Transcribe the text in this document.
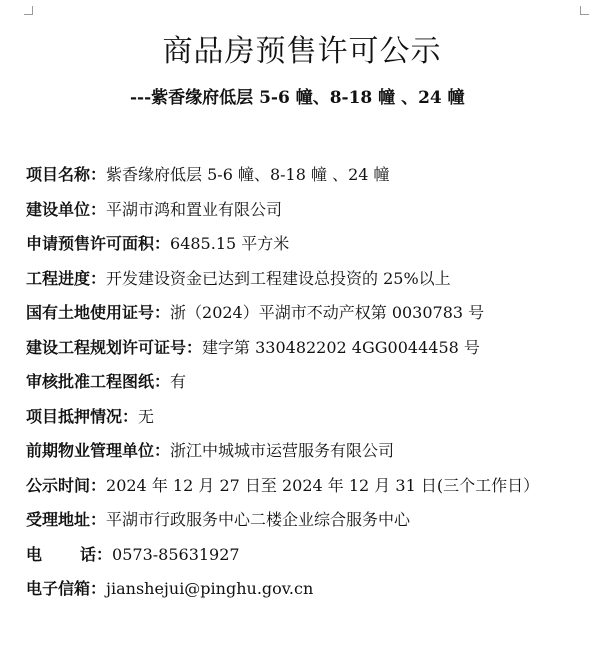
商品房预售许可公示
---紫香缘府低层 5-6 幢、8-18 幢 、24 幢
项目名称：紫香缘府低层 5-6 幢、8-18 幢 、24 幢
建设单位：平湖市鸿和置业有限公司
申请预售许可面积：6485.15 平方米
工程进度：开发建设资金已达到工程建设总投资的 25%以上
国有土地使用证号：浙（2024）平湖市不动产权第 0030783 号
建设工程规划许可证号：建字第 330482202 4GG0044458 号
审核批准工程图纸：有
项目抵押情况：无
前期物业管理单位：浙江中城城市运营服务有限公司
公示时间：2024 年 12 月 27 日至 2024 年 12 月 31 日(三个工作日）
受理地址：平湖市行政服务中心二楼企业综合服务中心
电 话：0573-85631927
电子信箱：jianshejui@pinghu.gov.cn
